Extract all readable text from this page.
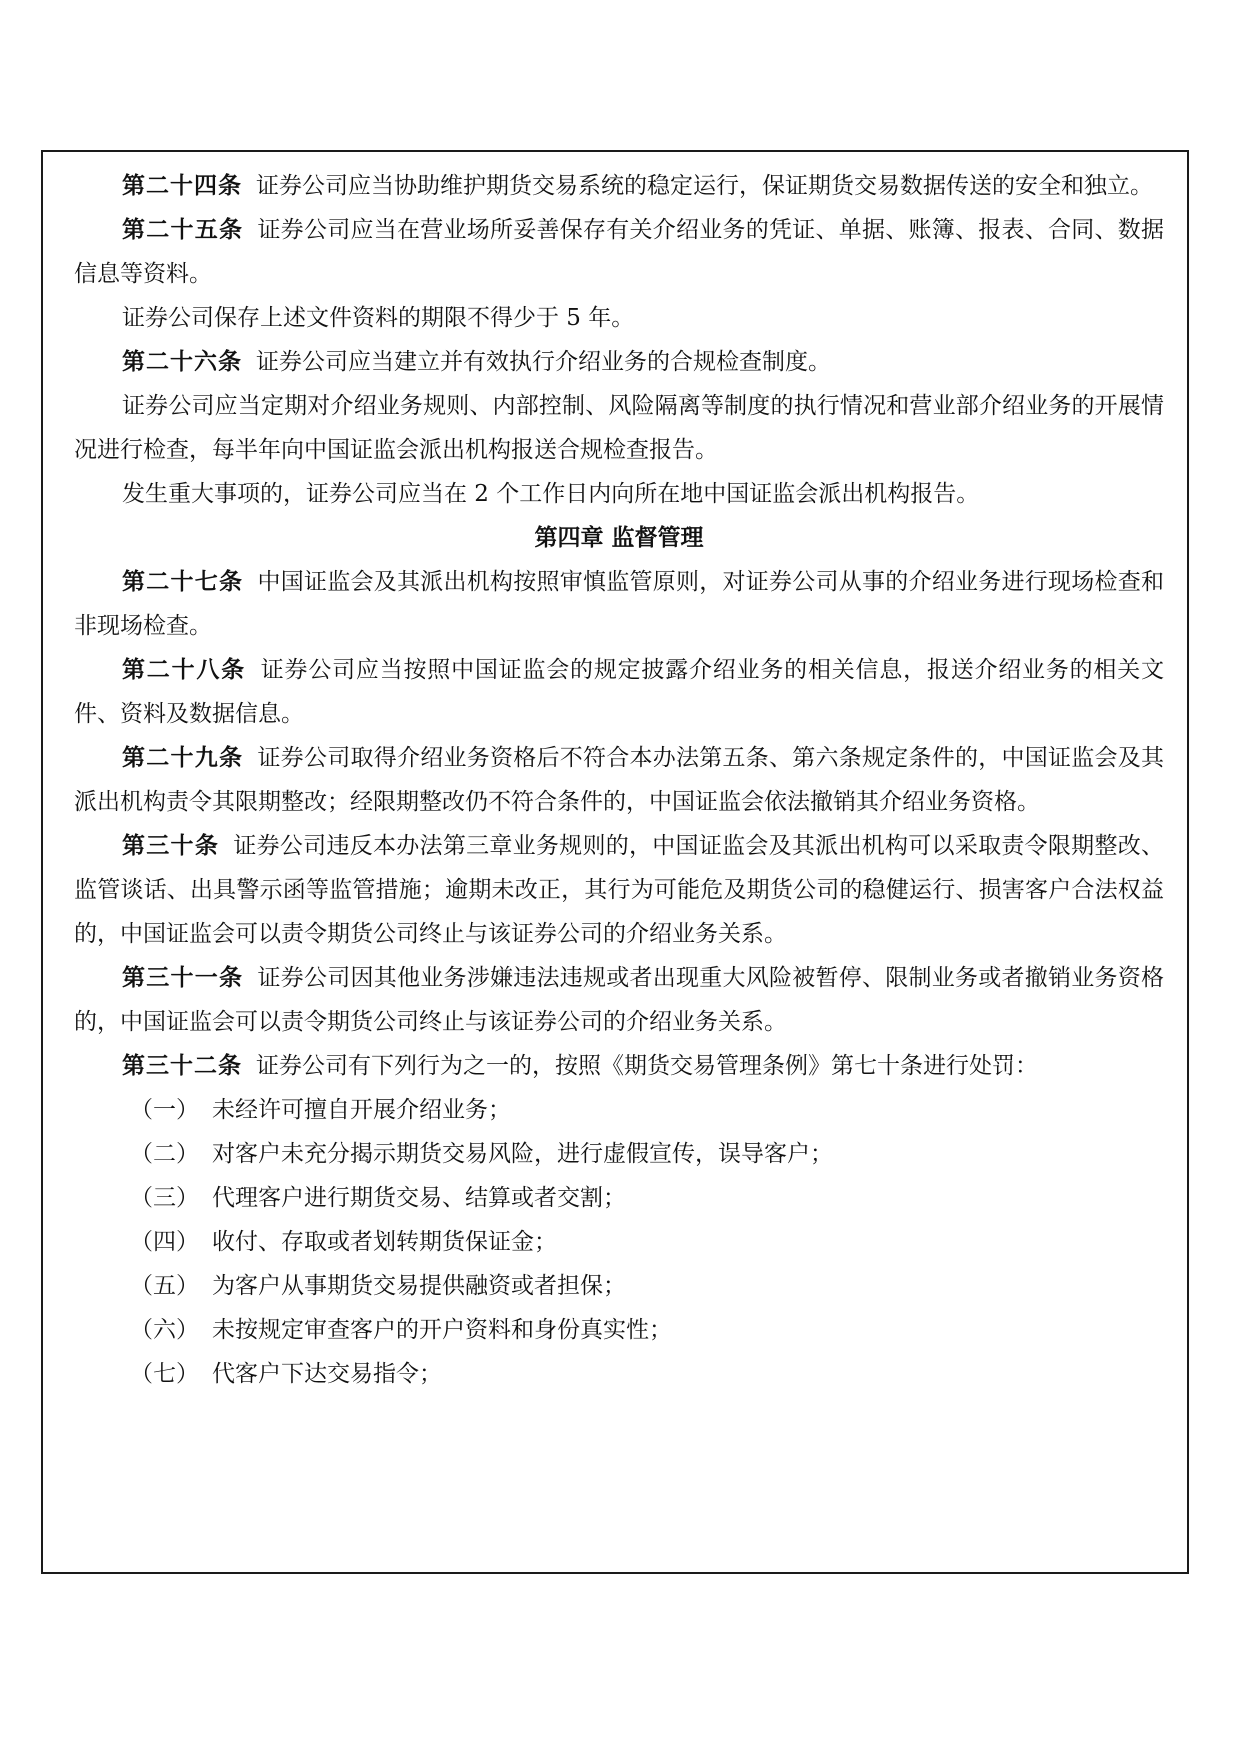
第二十四条 证券公司应当协助维护期货交易系统的稳定运行，保证期货交易数据传送的安全和独立。

第二十五条 证券公司应当在营业场所妥善保存有关介绍业务的凭证、单据、账簿、报表、合同、数据信息等资料。

证券公司保存上述文件资料的期限不得少于 5 年。

第二十六条 证券公司应当建立并有效执行介绍业务的合规检查制度。

证券公司应当定期对介绍业务规则、内部控制、风险隔离等制度的执行情况和营业部介绍业务的开展情况进行检查，每半年向中国证监会派出机构报送合规检查报告。

发生重大事项的，证券公司应当在 2 个工作日内向所在地中国证监会派出机构报告。

第四章 监督管理

第二十七条 中国证监会及其派出机构按照审慎监管原则，对证券公司从事的介绍业务进行现场检查和非现场检查。

第二十八条 证券公司应当按照中国证监会的规定披露介绍业务的相关信息，报送介绍业务的相关文件、资料及数据信息。

第二十九条 证券公司取得介绍业务资格后不符合本办法第五条、第六条规定条件的，中国证监会及其派出机构责令其限期整改；经限期整改仍不符合条件的，中国证监会依法撤销其介绍业务资格。

第三十条 证券公司违反本办法第三章业务规则的，中国证监会及其派出机构可以采取责令限期整改、监管谈话、出具警示函等监管措施；逾期未改正，其行为可能危及期货公司的稳健运行、损害客户合法权益的，中国证监会可以责令期货公司终止与该证券公司的介绍业务关系。

第三十一条 证券公司因其他业务涉嫌违法违规或者出现重大风险被暂停、限制业务或者撤销业务资格的，中国证监会可以责令期货公司终止与该证券公司的介绍业务关系。

第三十二条 证券公司有下列行为之一的，按照《期货交易管理条例》第七十条进行处罚：

（一） 未经许可擅自开展介绍业务；

（二） 对客户未充分揭示期货交易风险，进行虚假宣传，误导客户；

（三） 代理客户进行期货交易、结算或者交割；

（四） 收付、存取或者划转期货保证金；

（五） 为客户从事期货交易提供融资或者担保；

（六） 未按规定审查客户的开户资料和身份真实性；

（七） 代客户下达交易指令；
